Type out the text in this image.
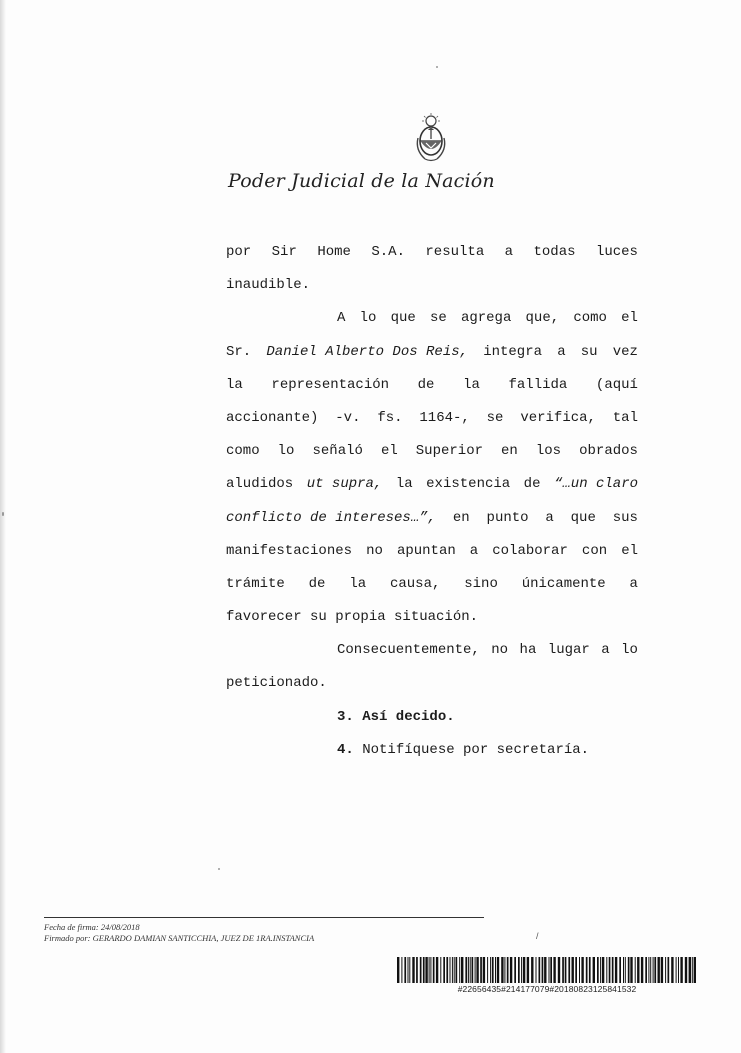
Poder Judicial de la Nación
por Sir Home S.A. resulta a todas luces
inaudible.
A lo que se agrega que, como el
Sr. Daniel Alberto Dos Reis, integra a su vez
la representación de la fallida (aquí
accionante) -v. fs. 1164-, se verifica, tal
como lo señaló el Superior en los obrados
aludidos ut supra, la existencia de “…un claro
conflicto de intereses…”, en punto a que sus
manifestaciones no apuntan a colaborar con el
trámite de la causa, sino únicamente a
favorecer su propia situación.
Consecuentemente, no ha lugar a lo
peticionado.
3. Así decido.
4. Notifíquese por secretaría.
Fecha de firma: 24/08/2018
Firmado por: GERARDO DAMIAN SANTICCHIA, JUEZ DE 1RA.INSTANCIA	/
#22656435#214177079#20180823125841532
